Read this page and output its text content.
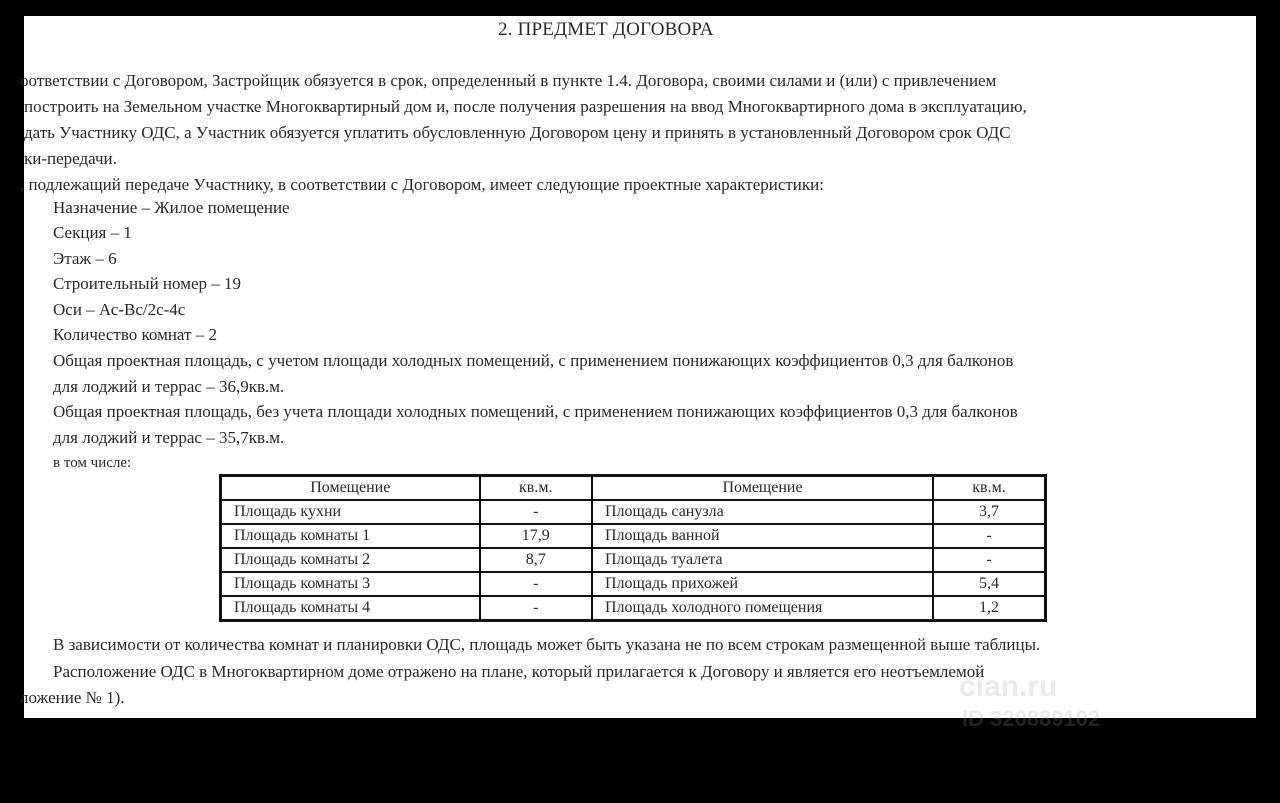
2. ПРЕДМЕТ ДОГОВОРА
оответствии с Договором, Застройщик обязуется в срок, определенный в пункте 1.4. Договора, своими силами и (или) с привлечением
построить на Земельном участке Многоквартирный дом и, после получения разрешения на ввод Многоквартирного дома в эксплуатацию,
дать Участнику ОДС, а Участник обязуется уплатить обусловленную Договором цену и принять в установленный Договором срок ОДС
ки-передачи.
, подлежащий передаче Участнику, в соответствии с Договором, имеет следующие проектные характеристики:
Назначение – Жилое помещение
Секция – 1
Этаж – 6
Строительный номер – 19
Оси – Ас-Вс/2с-4с
Количество комнат – 2
Общая проектная площадь, с учетом площади холодных помещений, с применением понижающих коэффициентов 0,3 для балконов
для лоджий и террас – 36,9кв.м.
Общая проектная площадь, без учета площади холодных помещений, с применением понижающих коэффициентов 0,3 для балконов
для лоджий и террас – 35,7кв.м.
в том числе:
Помещение	кв.м.	Помещение	кв.м.
Площадь кухни	-	Площадь санузла	3,7
Площадь комнаты 1	17,9	Площадь ванной	-
Площадь комнаты 2	8,7	Площадь туалета	-
Площадь комнаты 3	-	Площадь прихожей	5,4
Площадь комнаты 4	-	Площадь холодного помещения	1,2
В зависимости от количества комнат и планировки ОДС, площадь может быть указана не по всем строкам размещенной выше таблицы.
Расположение ОДС в Многоквартирном доме отражено на плане, который прилагается к Договору и является его неотъемлемой
ложение № 1).	cian.ru
ID 320889102
